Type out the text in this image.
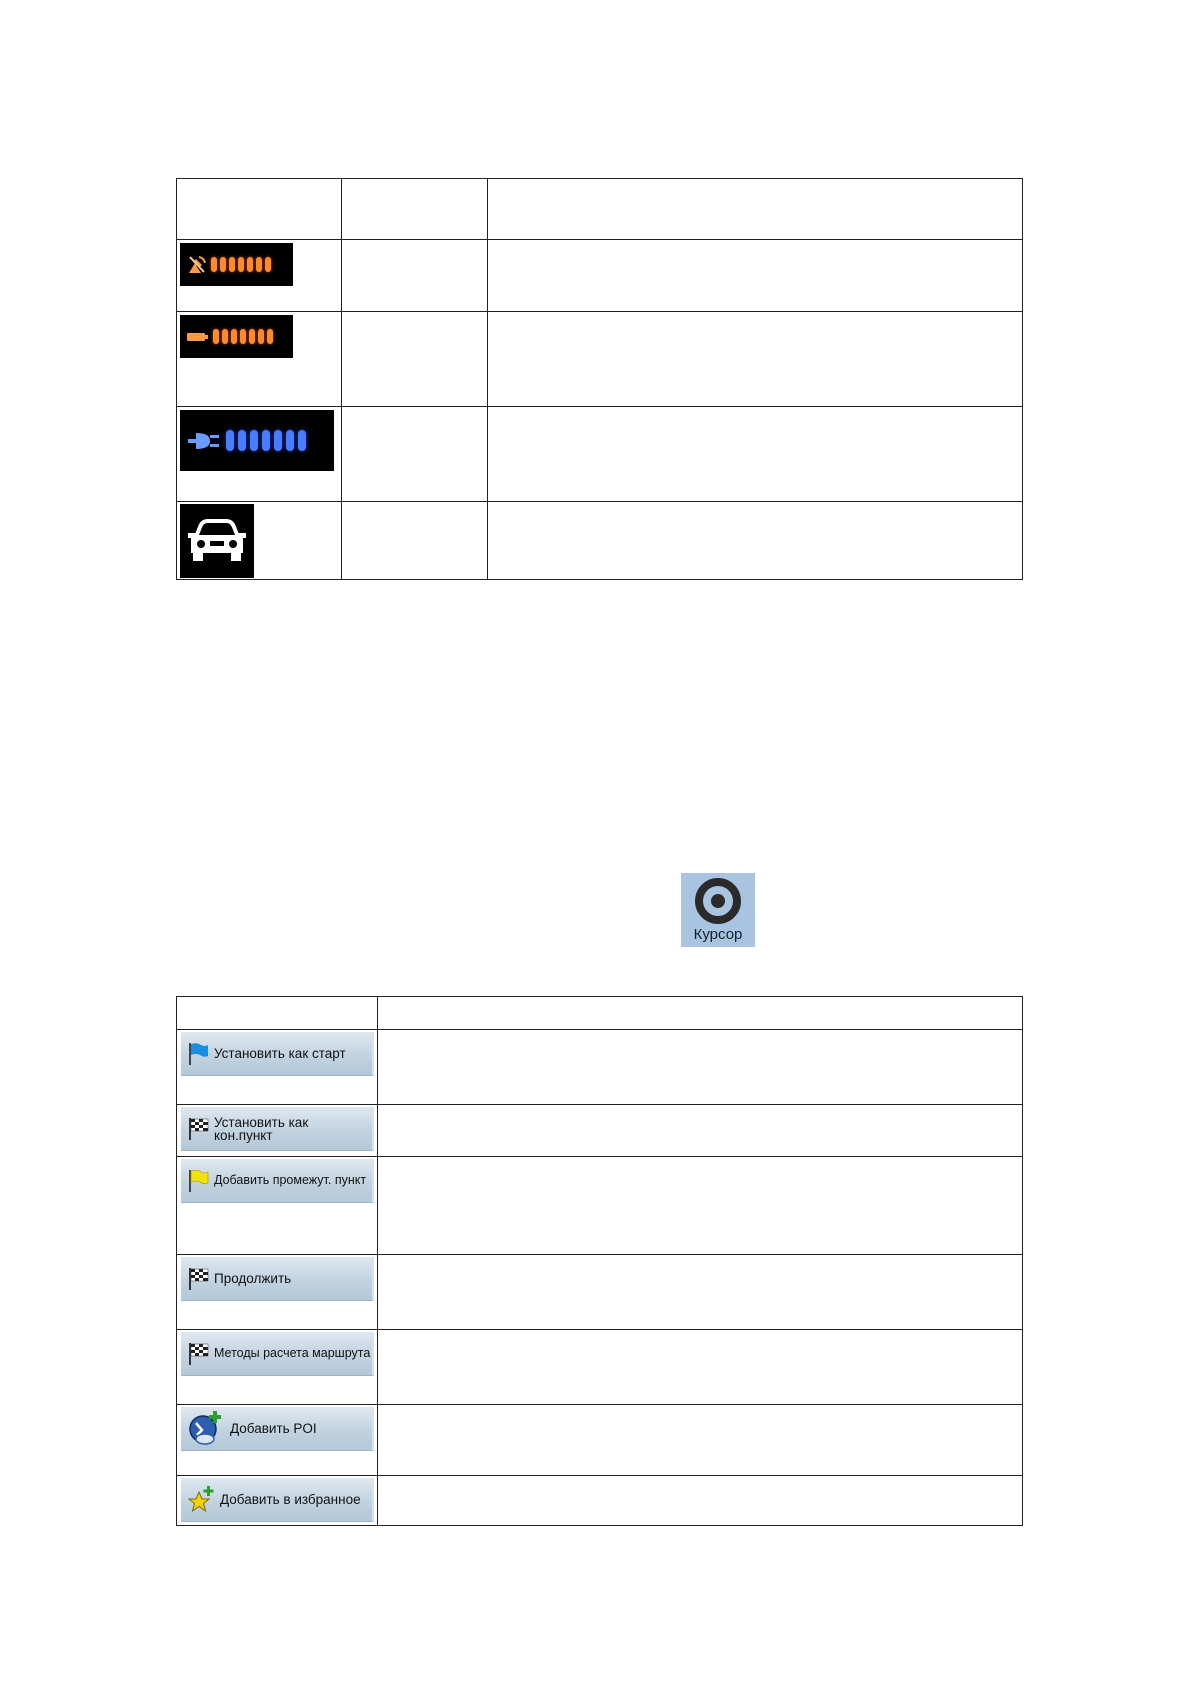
Курсор

Установить как старт	

Установить как кон.пункт	

Добавить промежут. пункт	

Продолжить	

Методы расчета маршрута	

Добавить POI	

Добавить в избранное	
